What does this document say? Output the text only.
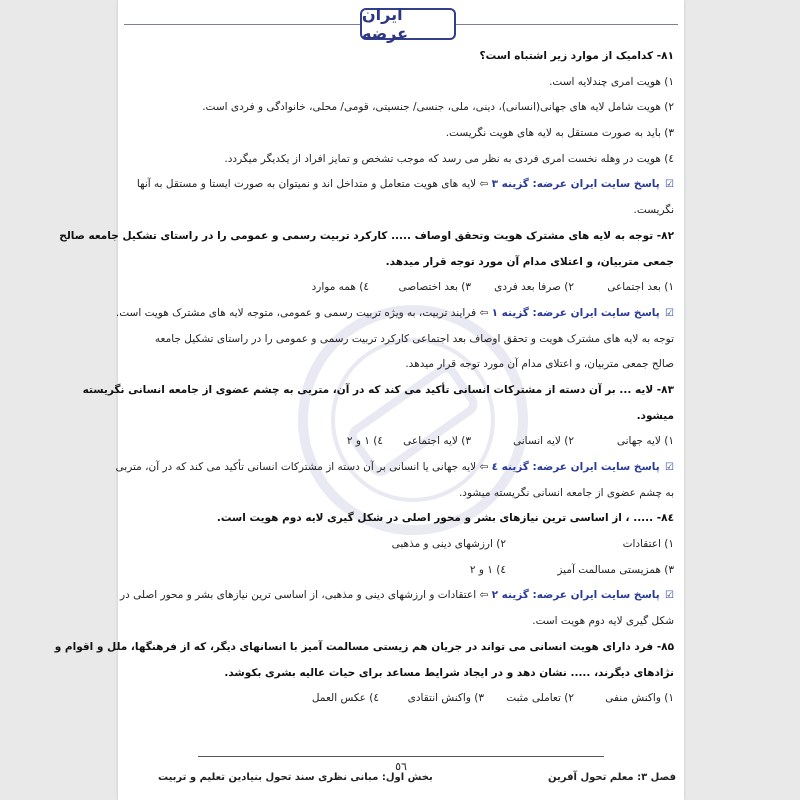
ایران عرضه
۸۱- کدامیک از موارد زیر اشتباه است؟
۱) هویت امری چندلایه است.
۲) هویت شامل لایه های جهانی(انسانی)، دینی، ملی، جنسی/ جنسیتی، قومی/ محلی، خانوادگی و فردی است.
۳) باید به صورت مستقل به لایه های هویت نگریست.
٤) هویت در وهله نخست امری فردی به نظر می رسد که موجب تشخص و تمایز افراد از یکدیگر میگردد.
☑ پاسخ سایت ایران عرضه: گزینه ۳ ⇦ لایه های هویت متعامل و متداخل اند و نمیتوان به صورت ایستا و مستقل به آنها
نگریست.
۸۲- توجه به لایه های مشترک هویت وتحقق اوصاف ..... کارکرد تربیت رسمی و عمومی را در راستای تشکیل جامعه صالح
جمعی متربیان، و اعتلای مدام آن مورد توجه قرار میدهد.
۱) بعد اجتماعی
۲) صرفا بعد فردی
۳) بعد اختصاصی
٤) همه موارد
☑ پاسخ سایت ایران عرضه: گزینه ۱ ⇦ فرایند تربیت، به ویژه تربیت رسمی و عمومی، متوجه لایه های مشترک هویت است.
توجه به لایه های مشترک هویت و تحقق اوصاف بعد اجتماعی کارکرد تربیت رسمی و عمومی را در راستای تشکیل جامعه
صالح جمعی متربیان، و اعتلای مدام آن مورد توجه قرار میدهد.
۸۳- لایه ... بر آن دسته از مشترکات انسانی تأکید می کند که در آن، متربی به چشم عضوی از جامعه انسانی نگریسته
میشود.
۱) لایه جهانی
۲) لایه انسانی
۳) لایه اجتماعی
٤) ۱ و ۲
☑ پاسخ سایت ایران عرضه: گزینه ٤ ⇦ لایه جهانی یا انسانی بر آن دسته از مشترکات انسانی تأکید می کند که در آن، متربی
به چشم عضوی از جامعه انسانی نگریسته میشود.
۸٤- ..... ، از اساسی ترین نیازهای بشر و محور اصلی در شکل گیری لایه دوم هویت است.
۱) اعتقادات
۲) ارزشهای دینی و مذهبی
۳) همزیستی مسالمت آمیز
٤) ۱ و ۲
☑ پاسخ سایت ایران عرضه: گزینه ۲ ⇦ اعتقادات و ارزشهای دینی و مذهبی، از اساسی ترین نیازهای بشر و محور اصلی در
شکل گیری لایه دوم هویت است.
۸۵- فرد دارای هویت انسانی می تواند در جریان هم زیستی مسالمت آمیز با انسانهای دیگر، که از فرهنگها، ملل و اقوام و
نژادهای دیگرند، ..... نشان دهد و در ایجاد شرایط مساعد برای حیات عالیه بشری بکوشد.
۱) واکنش منفی
۲) تعاملی مثبت
۳) واکنش انتقادی
٤) عکس العمل
٥٦
فصل ۳: معلم تحول آفرین
بخش اول: مبانی نظری سند تحول بنیادین تعلیم و تربیت
